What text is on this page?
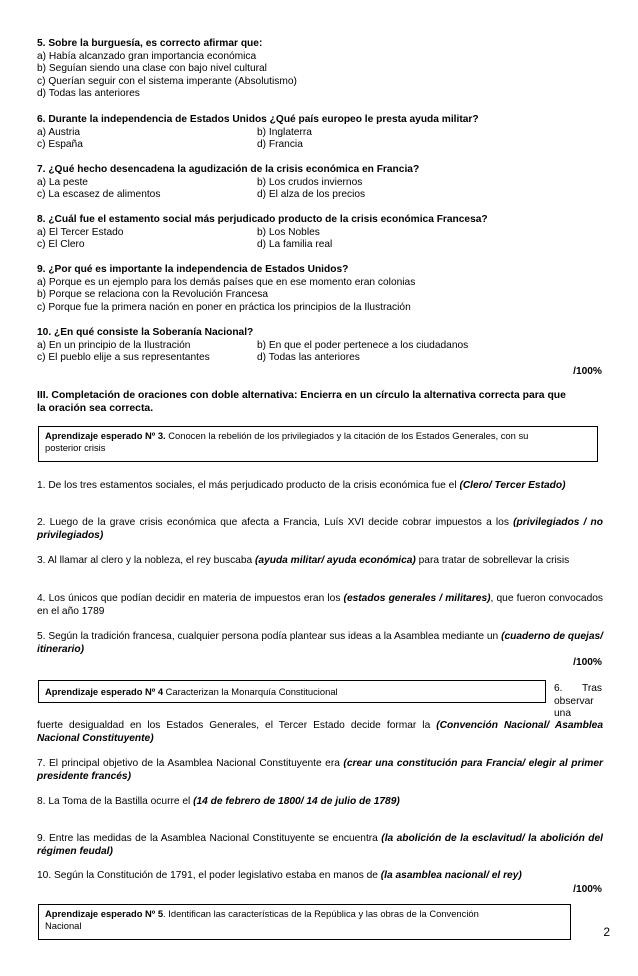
5. Sobre la burguesía, es correcto afirmar que:
a) Había alcanzado gran importancia económica
b) Seguían siendo una clase con bajo nivel cultural
c) Querían seguir con el sistema imperante (Absolutismo)
d) Todas las anteriores
6. Durante la independencia de Estados Unidos ¿Qué país europeo le presta ayuda militar?
a) Austria	b) Inglaterra
c) España	d) Francia
7. ¿Qué hecho desencadena la agudización de la crisis económica en Francia?
a) La peste	b) Los crudos inviernos
c) La escasez de alimentos	d) El alza de los precios
8. ¿Cuál fue el estamento social más perjudicado producto de la crisis económica Francesa?
a) El Tercer Estado	b) Los Nobles
c) El Clero	d) La familia real
9. ¿Por qué es importante la independencia de Estados Unidos?
a) Porque es un ejemplo para los demás países que en ese momento eran colonias
b) Porque se relaciona con la Revolución Francesa
c) Porque fue la primera nación en poner en práctica los principios de la Ilustración
10. ¿En qué consiste la Soberanía Nacional?
a) En un principio de la Ilustración	b) En que el poder pertenece a los ciudadanos
c) El pueblo elije a sus representantes	d) Todas las anteriores
/100%
III. Completación de oraciones con doble alternativa: Encierra en un círculo la alternativa correcta para que
la oración sea correcta.
Aprendizaje esperado Nº 3. Conocen la rebelión de los privilegiados y la citación de los Estados Generales, con su
posterior crisis
1. De los tres estamentos sociales, el más perjudicado producto de la crisis económica fue el (Clero/ Tercer Estado)
2. Luego de la grave crisis económica que afecta a Francia, Luís XVI decide cobrar impuestos a los (privilegiados / no privilegiados)
3. Al llamar al clero y la nobleza, el rey buscaba (ayuda militar/ ayuda económica) para tratar de sobrellevar la crisis
4. Los únicos que podían decidir en materia de impuestos eran los (estados generales / militares), que fueron convocados en el año 1789
5. Según la tradición francesa, cualquier persona podía plantear sus ideas a la Asamblea mediante un (cuaderno de quejas/ itinerario)
/100%
Aprendizaje esperado Nº 4 Caracterizan la Monarquía Constitucional	6. Tras observar una
fuerte desigualdad en los Estados Generales, el Tercer Estado decide formar la (Convención Nacional/ Asamblea Nacional Constituyente)
7. El principal objetivo de la Asamblea Nacional Constituyente era (crear una constitución para Francia/ elegir al primer presidente francés)
8. La Toma de la Bastilla ocurre el (14 de febrero de 1800/ 14 de julio de 1789)
9. Entre las medidas de la Asamblea Nacional Constituyente se encuentra (la abolición de la esclavitud/ la abolición del régimen feudal)
10. Según la Constitución de 1791, el poder legislativo estaba en manos de (la asamblea nacional/ el rey)
/100%
Aprendizaje esperado Nº 5. Identifican las características de la República y las obras de la Convención
Nacional	2
